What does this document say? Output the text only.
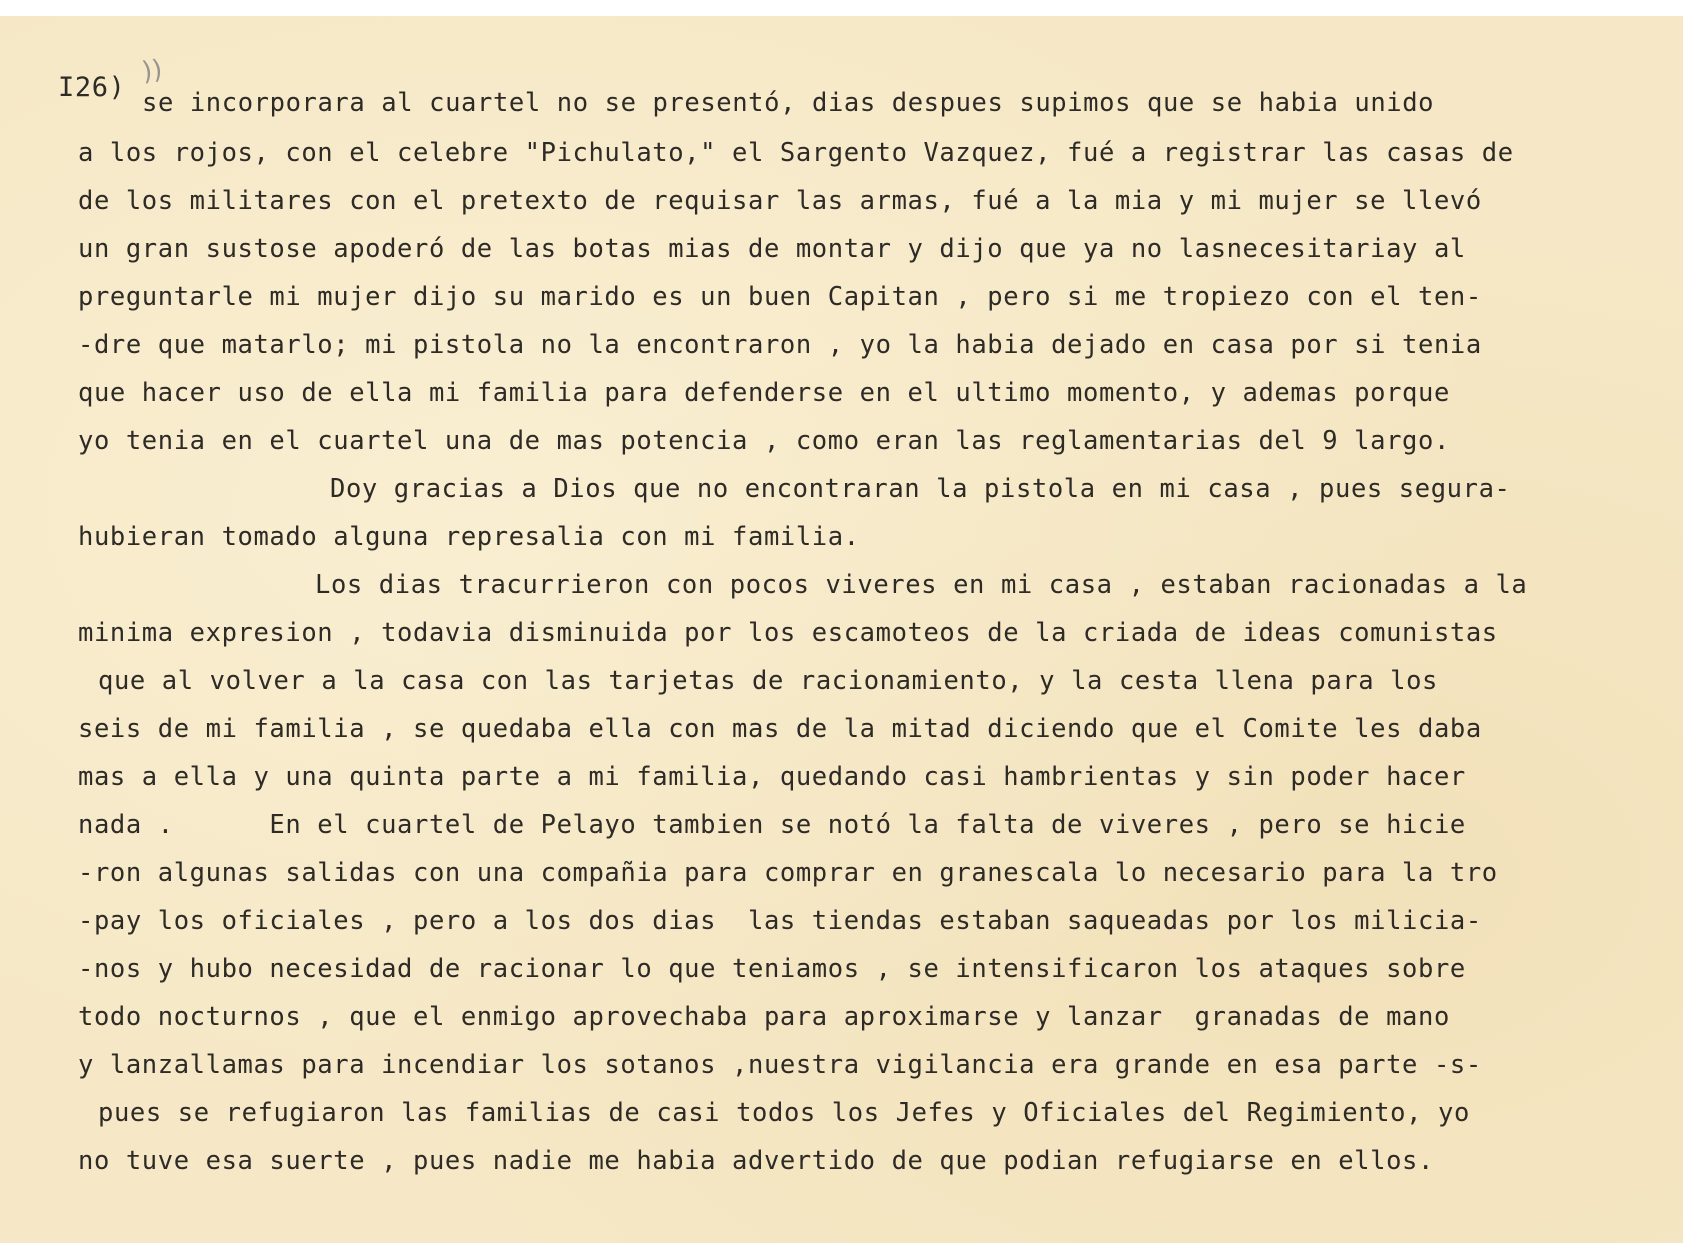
I26)
))
se incorporara al cuartel no se presentó, dias despues supimos que se habia unido
a los rojos, con el celebre "Pichulato," el Sargento Vazquez, fué a registrar las casas de
de los militares con el pretexto de requisar las armas, fué a la mia y mi mujer se llevó
un gran sustose apoderó de las botas mias de montar y dijo que ya no lasnecesitariay al
preguntarle mi mujer dijo su marido es un buen Capitan , pero si me tropiezo con el ten-
-dre que matarlo; mi pistola no la encontraron , yo la habia dejado en casa por si tenia
que hacer uso de ella mi familia para defenderse en el ultimo momento, y ademas porque
yo tenia en el cuartel una de mas potencia , como eran las reglamentarias del 9 largo.
Doy gracias a Dios que no encontraran la pistola en mi casa , pues segura-
hubieran tomado alguna represalia con mi familia.
Los dias tracurrieron con pocos viveres en mi casa , estaban racionadas a la
minima expresion , todavia disminuida por los escamoteos de la criada de ideas comunistas
que al volver a la casa con las tarjetas de racionamiento, y la cesta llena para los
seis de mi familia , se quedaba ella con mas de la mitad diciendo que el Comite les daba
mas a ella y una quinta parte a mi familia, quedando casi hambrientas y sin poder hacer
nada .      En el cuartel de Pelayo tambien se notó la falta de viveres , pero se hicie
-ron algunas salidas con una compañia para comprar en granescala lo necesario para la tro
-pay los oficiales , pero a los dos dias  las tiendas estaban saqueadas por los milicia-
-nos y hubo necesidad de racionar lo que teniamos , se intensificaron los ataques sobre
todo nocturnos , que el enmigo aprovechaba para aproximarse y lanzar  granadas de mano
y lanzallamas para incendiar los sotanos ,nuestra vigilancia era grande en esa parte -s-
pues se refugiaron las familias de casi todos los Jefes y Oficiales del Regimiento, yo
no tuve esa suerte , pues nadie me habia advertido de que podian refugiarse en ellos.
